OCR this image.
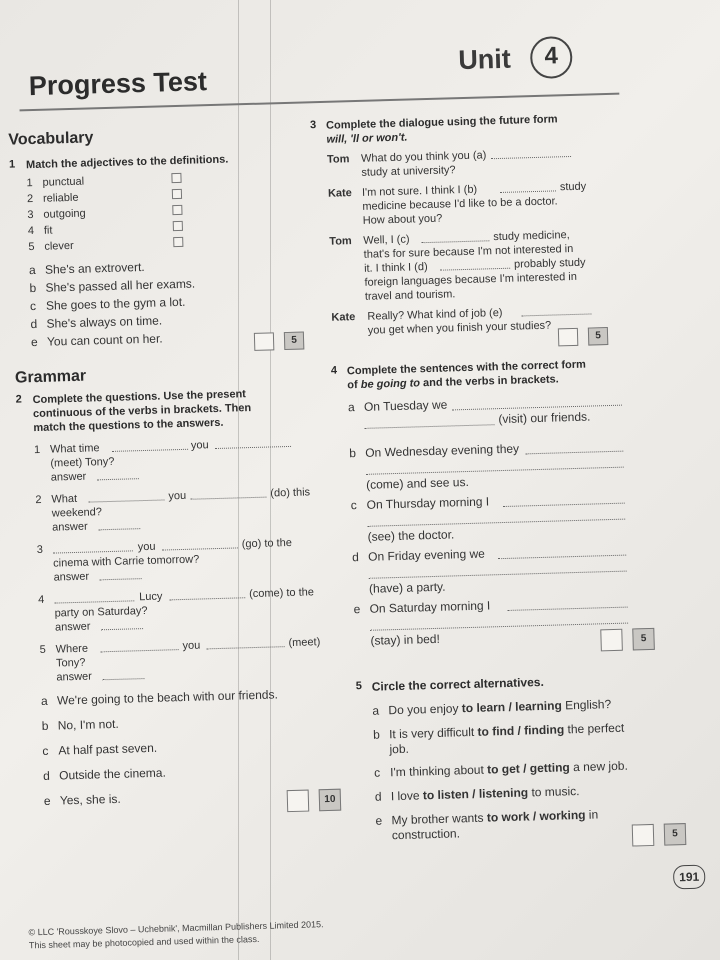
Progress Test
Unit	4
Vocabulary
1 Match the adjectives to the definitions.
1 punctual
2 reliable
3 outgoing
4 fit
5 clever
a She's an extrovert.
b She's passed all her exams.
c She goes to the gym a lot.
d She's always on time.
e You can count on her.	5
Grammar
2 Complete the questions. Use the present
continuous of the verbs in brackets. Then
match the questions to the answers.
1 What time	you
(meet) Tony?
answer
2 What	you	(do) this
weekend?
answer
3	you	(go) to the
cinema with Carrie tomorrow?
answer
4	Lucy	(come) to the
party on Saturday?
answer
5 Where	you	(meet)
Tony?
answer
a We're going to the beach with our friends.
b No, I'm not.
c At half past seven.
d Outside the cinema.
e Yes, she is.	10
3 Complete the dialogue using the future form
will, 'll or won't.
Tom What do you think you (a)
study at university?
Kate I'm not sure. I think I (b)	study
medicine because I'd like to be a doctor.
How about you?
Tom Well, I (c)	study medicine,
that's for sure because I'm not interested in
it. I think I (d)	probably study
foreign languages because I'm interested in
travel and tourism.
Kate Really? What kind of job (e)
you get when you finish your studies?	5
4 Complete the sentences with the correct form
of be going to and the verbs in brackets.
a On Tuesday we
(visit) our friends.
b On Wednesday evening they
(come) and see us.
c On Thursday morning I
(see) the doctor.
d On Friday evening we
(have) a party.
e On Saturday morning I
(stay) in bed!	5
5 Circle the correct alternatives.
a Do you enjoy to learn / learning English?
b It is very difficult to find / finding the perfect
job.
c I'm thinking about to get / getting a new job.
d I love to listen / listening to music.
e My brother wants to work / working in
construction.	5
191
© LLC 'Rousskoye Slovo – Uchebnik', Macmillan Publishers Limited 2015.
This sheet may be photocopied and used within the class.
